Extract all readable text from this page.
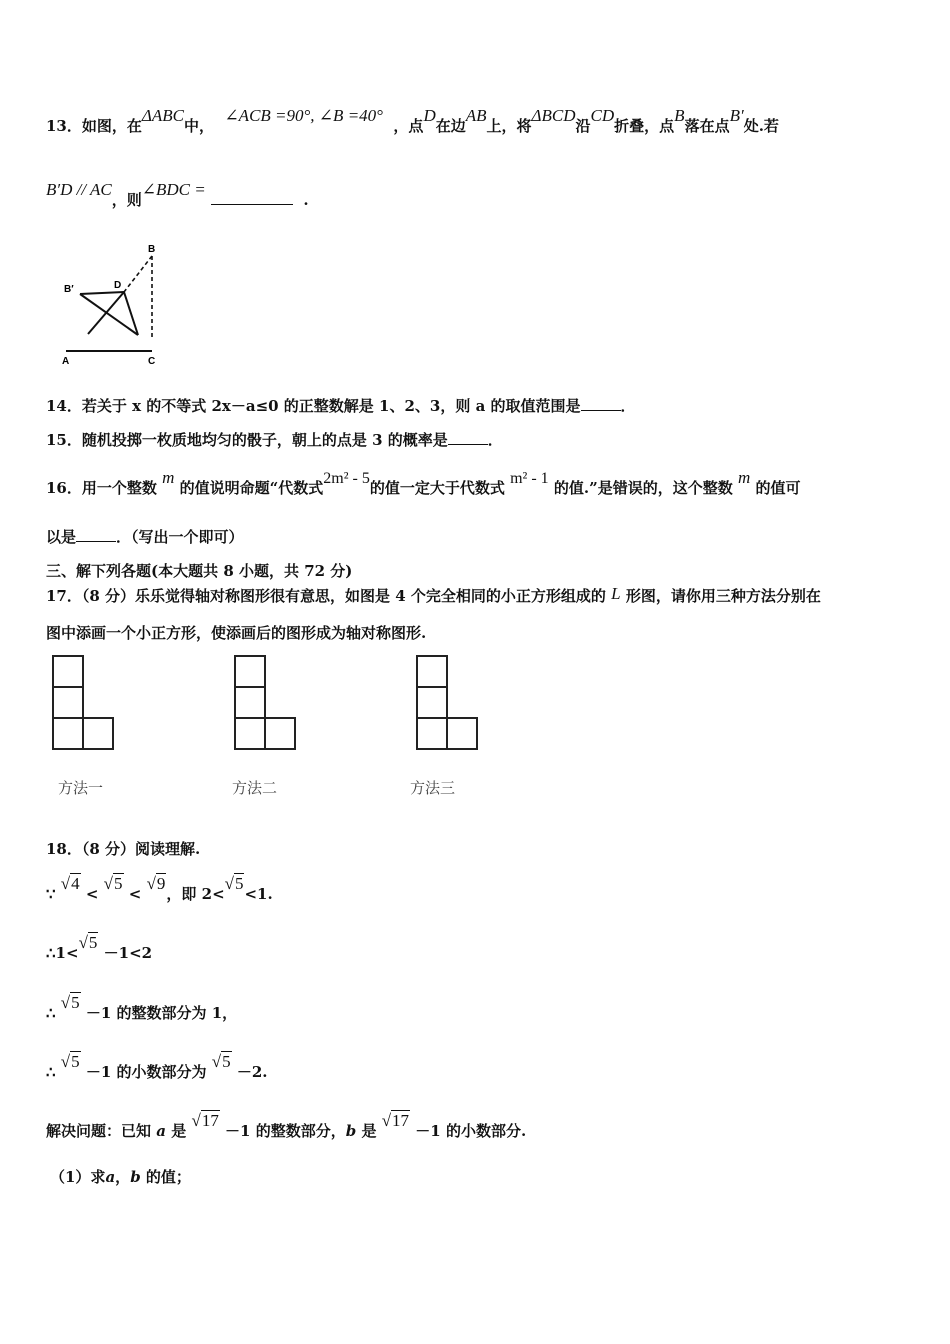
13．如图，在ΔABC中，  ∠ACB =90°, ∠B =40°  ，点D在边AB上，将ΔBCD沿CD折叠，点B落在点B′处.若
B′D // AC，则∠BDC =   .
B
B′	D
A	C
14．若关于 x 的不等式 2x－a≤0 的正整数解是 1、2、3，则 a 的取值范围是	．
15．随机投掷一枚质地均匀的骰子，朝上的点是 3 的概率是	．
16．用一个整数 m 的值说明命题“代数式2m² - 5的值一定大于代数式 m² - 1 的值.”是错误的，这个整数 m 的值可
以是	．（写出一个即可）
三、解下列各题(本大题共 8 小题，共 72 分)
17．（8 分）乐乐觉得轴对称图形很有意思，如图是 4 个完全相同的小正方形组成的 L 形图，请你用三种方法分别在
图中添画一个小正方形，使添画后的图形成为轴对称图形.
方法一	方法二	方法三
18．（8 分）阅读理解.
∵ √4 < √5 < √9，即 2<√5<1.
∴1<√5 －1<2
∴ √5 －1 的整数部分为 1，
∴ √5 －1 的小数部分为 √5 －2.
解决问题：已知 a 是 √17 －1 的整数部分，b 是 √17 －1 的小数部分.
（1）求a，b 的值；
